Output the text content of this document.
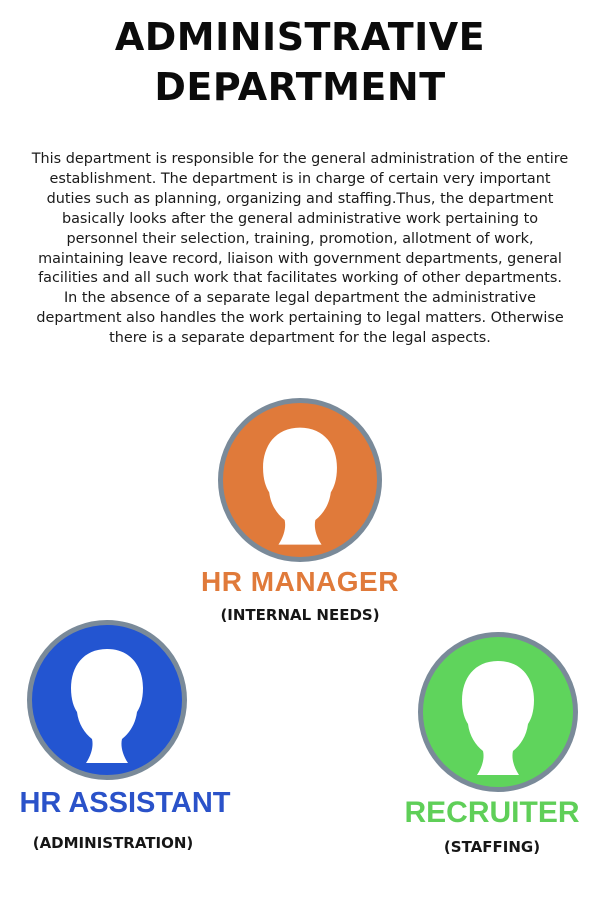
ADMINISTRATIVE
DEPARTMENT

This department is responsible for the general administration of the entire establishment. The department is in charge of certain very important duties such as planning, organizing and staffing.Thus, the department basically looks after the general administrative work pertaining to personnel their selection, training, promotion, allotment of work, maintaining leave record, liaison with government departments, general facilities and all such work that facilitates working of other departments. In the absence of a separate legal department the administrative department also handles the work pertaining to legal matters. Otherwise there is a separate department for the legal aspects.

HR MANAGER
(INTERNAL NEEDS)
HR ASSISTANT
(ADMINISTRATION)
RECRUITER
(STAFFING)
